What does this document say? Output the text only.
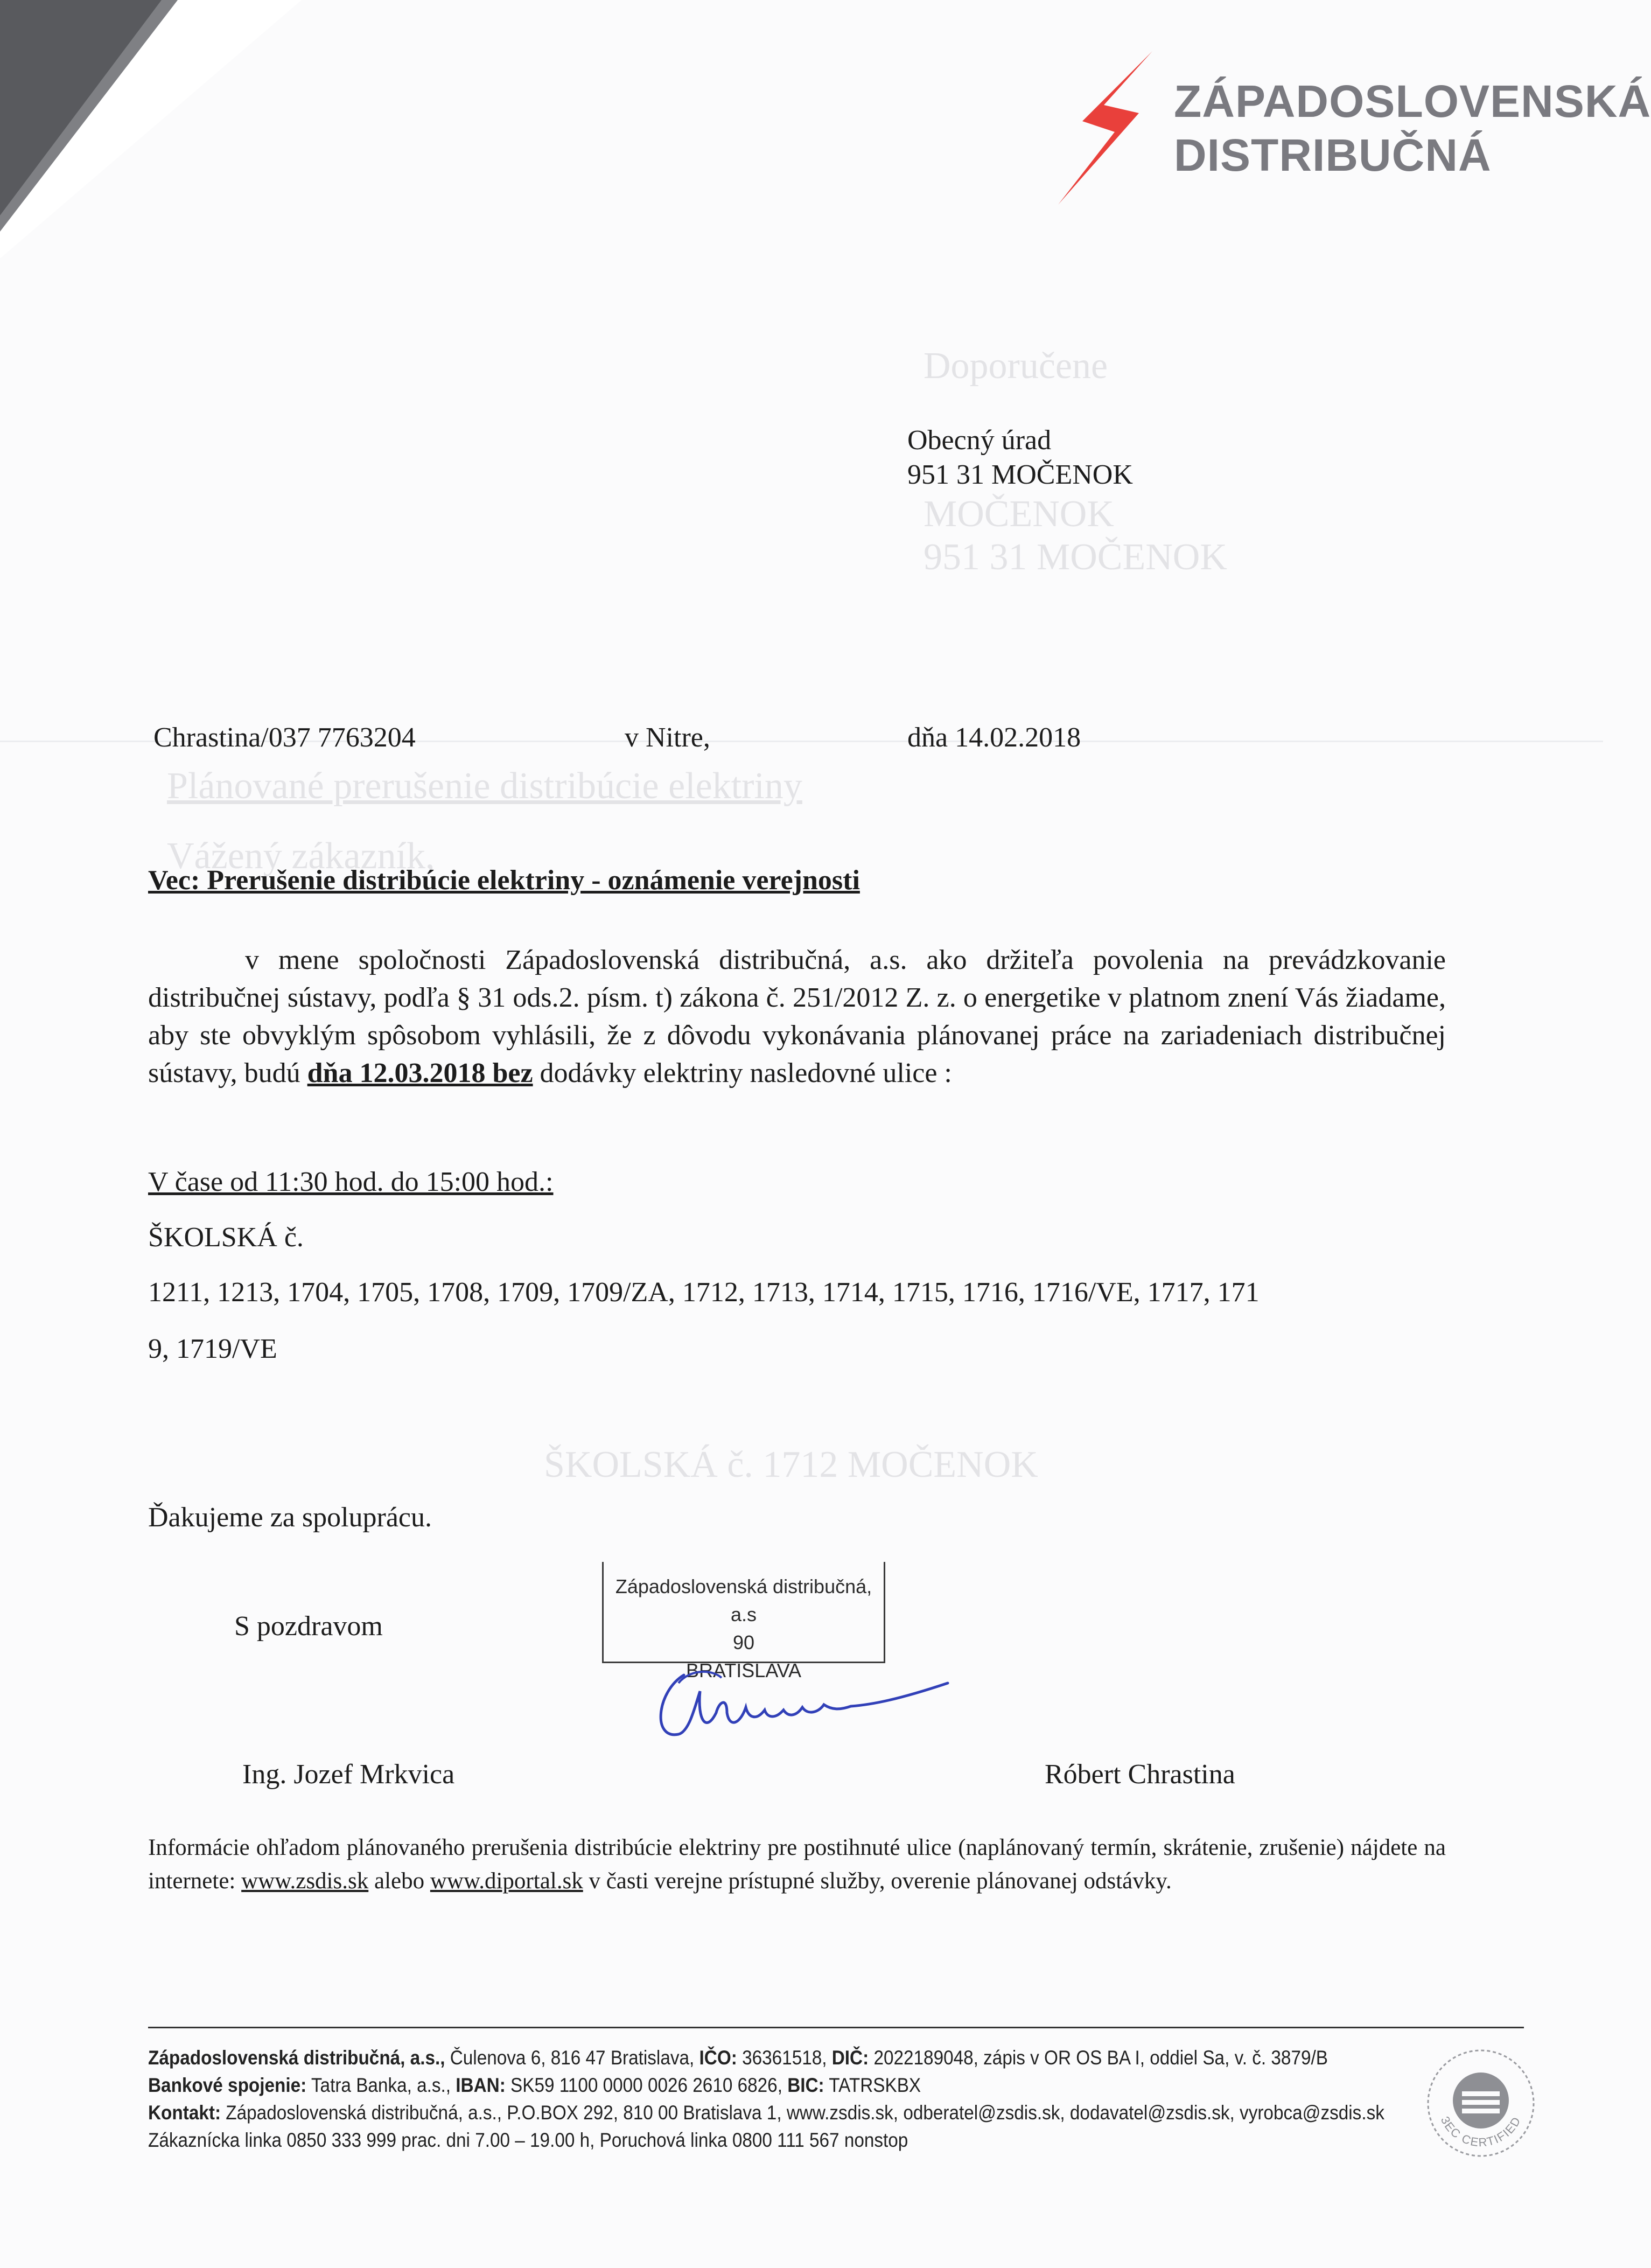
Doporučene
MOČENOK
951 31 MOČENOK
Plánované prerušenie distribúcie elektriny
Vážený zákazník,
ŠKOLSKÁ č. 1712 MOČENOK
ZÁPADOSLOVENSKÁ
DISTRIBUČNÁ
Obecný úrad
951 31 MOČENOK
Chrastina/037 7763204	v Nitre,	dňa 14.02.2018
Vec: Prerušenie distribúcie elektriny - oznámenie verejnosti
v mene spoločnosti Západoslovenská distribučná, a.s. ako držiteľa povolenia na prevádzkovanie distribučnej sústavy, podľa § 31 ods.2. písm. t) zákona č. 251/2012 Z. z. o energetike v platnom znení Vás žiadame, aby ste obvyklým spôsobom vyhlásili, že z dôvodu vykonávania plánovanej práce na zariadeniach distribučnej sústavy, budú dňa 12.03.2018 bez dodávky elektriny nasledovné ulice :
V čase od 11:30 hod. do 15:00 hod.:
ŠKOLSKÁ č.
1211, 1213, 1704, 1705, 1708, 1709, 1709/ZA, 1712, 1713, 1714, 1715, 1716, 1716/VE, 1717, 171
9, 1719/VE
Ďakujeme za spoluprácu.
S pozdravom
Západoslovenská distribučná, a.s
90
BRATISLAVA
Ing. Jozef Mrkvica	Róbert Chrastina
Informácie ohľadom plánovaného prerušenia distribúcie elektriny pre postihnuté ulice (naplánovaný termín, skrátenie, zrušenie) nájdete na internete: www.zsdis.sk alebo www.diportal.sk v časti verejne prístupné služby, overenie plánovanej odstávky.
Západoslovenská distribučná, a.s., Čulenova 6, 816 47 Bratislava, IČO: 36361518, DIČ: 2022189048, zápis v OR OS BA I, oddiel Sa, v. č. 3879/B
Bankové spojenie: Tatra Banka, a.s., IBAN: SK59 1100 0000 0026 2610 6826, BIC: TATRSKBX
Kontakt: Západoslovenská distribučná, a.s., P.O.BOX 292, 810 00 Bratislava 1, www.zsdis.sk, odberatel@zsdis.sk, dodavatel@zsdis.sk, vyrobca@zsdis.sk
Zákaznícka linka 0850 333 999 prac. dni 7.00 – 19.00 h, Poruchová linka 0800 111 567 nonstop
3EC CERTIFIED
